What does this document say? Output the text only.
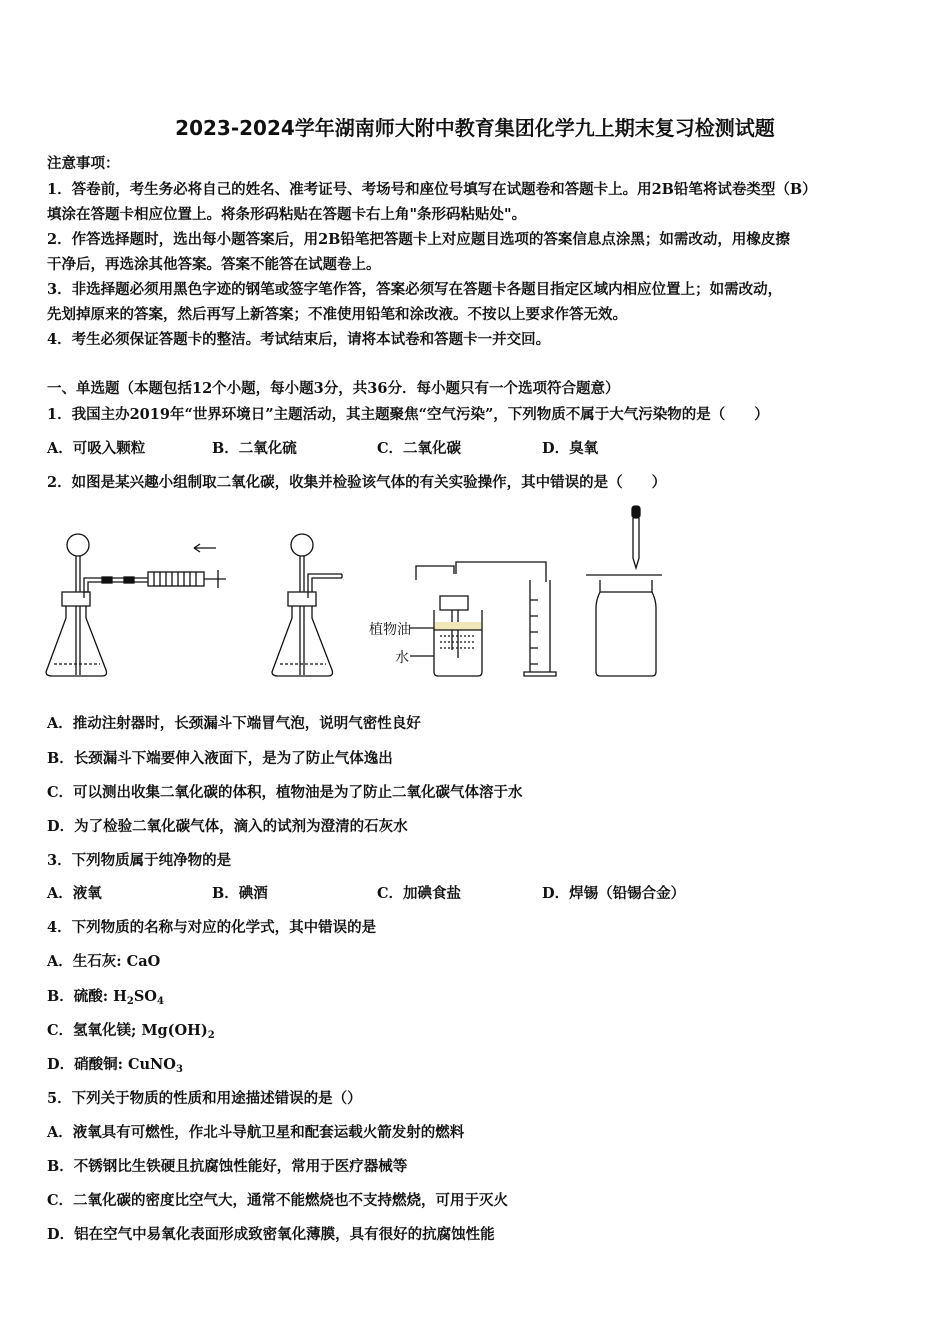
2023-2024学年湖南师大附中教育集团化学九上期末复习检测试题
注意事项：
1．答卷前，考生务必将自己的姓名、准考证号、考场号和座位号填写在试题卷和答题卡上。用2B铅笔将试卷类型（B）
填涂在答题卡相应位置上。将条形码粘贴在答题卡右上角"条形码粘贴处"。
2．作答选择题时，选出每小题答案后，用2B铅笔把答题卡上对应题目选项的答案信息点涂黑；如需改动，用橡皮擦
干净后，再选涂其他答案。答案不能答在试题卷上。
3．非选择题必须用黑色字迹的钢笔或签字笔作答，答案必须写在答题卡各题目指定区域内相应位置上；如需改动，
先划掉原来的答案，然后再写上新答案；不准使用铅笔和涂改液。不按以上要求作答无效。
4．考生必须保证答题卡的整洁。考试结束后，请将本试卷和答题卡一并交回。
一、单选题（本题包括12个小题，每小题3分，共36分．每小题只有一个选项符合题意）
1．我国主办2019年“世界环境日”主题活动，其主题聚焦“空气污染”，下列物质不属于大气污染物的是（　　）
A．可吸入颗粒	B．二氧化硫	C．二氧化碳	D．臭氧
2．如图是某兴趣小组制取二氧化碳，收集并检验该气体的有关实验操作，其中错误的是（　　）
植物油
水
A．推动注射器时，长颈漏斗下端冒气泡，说明气密性良好
B．长颈漏斗下端要伸入液面下，是为了防止气体逸出
C．可以测出收集二氧化碳的体积，植物油是为了防止二氧化碳气体溶于水
D．为了检验二氧化碳气体，滴入的试剂为澄清的石灰水
3．下列物质属于纯净物的是
A．液氧	B．碘酒	C．加碘食盐	D．焊锡（铅锡合金）
4．下列物质的名称与对应的化学式，其中错误的是
A．生石灰: CaO
B．硫酸: $H_2SO_4$
C．氢氧化镁; $Mg(OH)_2$
D．硝酸铜: CuNO$_3$
5．下列关于物质的性质和用途描述错误的是（）
A．液氧具有可燃性，作北斗导航卫星和配套运载火箭发射的燃料
B．不锈钢比生铁硬且抗腐蚀性能好，常用于医疗器械等
C．二氧化碳的密度比空气大，通常不能燃烧也不支持燃烧，可用于灭火
D．铝在空气中易氧化表面形成致密氧化薄膜，具有很好的抗腐蚀性能
